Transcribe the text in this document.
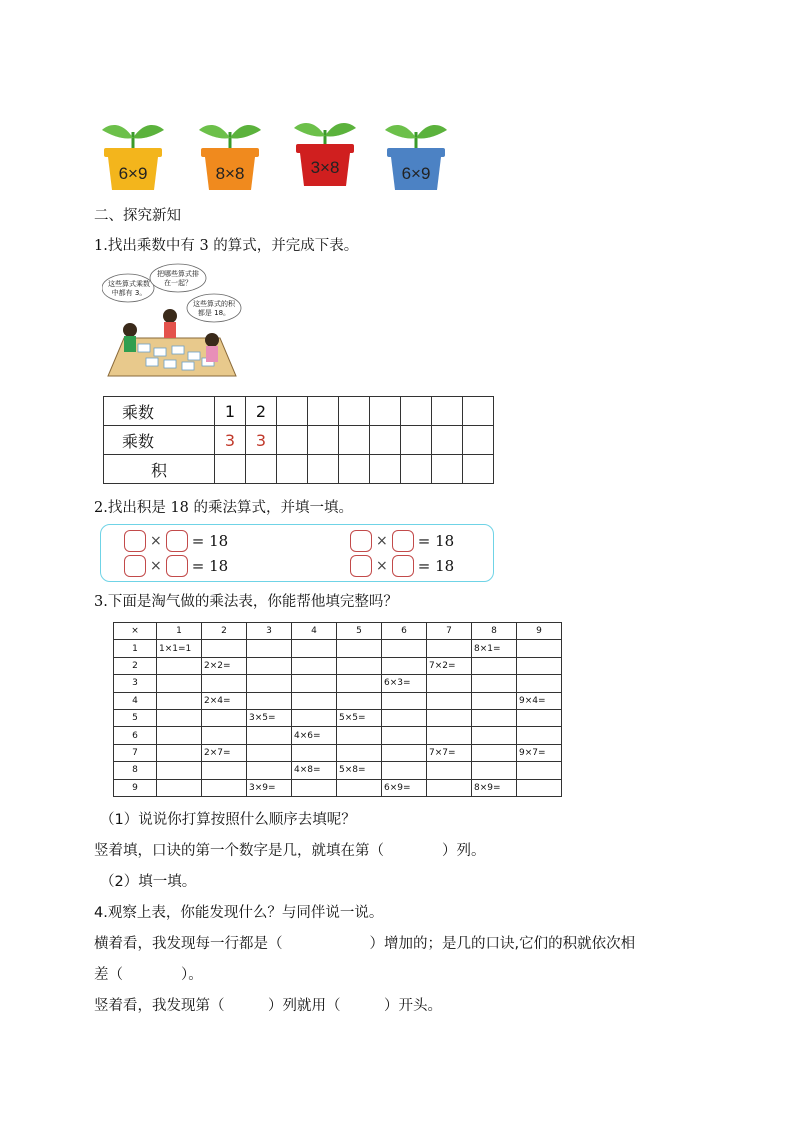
6×9	8×8	3×8	6×9
二、探究新知
1.找出乘数中有 3 的算式，并完成下表。
这些算式乘数中都有 3。
把哪些算式排在一起？
这些算式的积都是 18。
乘数	1	2							
乘数	3	3							
积									
2.找出积是 18 的乘法算式，并填一填。
× = 18
× = 18
× = 18
× = 18
3.下面是淘气做的乘法表，你能帮他填完整吗？
×	1	2	3	4	5	6	7	8	9
1	1×1=1							8×1=	
2		2×2=					7×2=		
3						6×3=			
4		2×4=							9×4=
5			3×5=		5×5=				
6				4×6=					
7		2×7=					7×7=		9×7=
8				4×8=	5×8=				
9			3×9=			6×9=		8×9=	
（1）说说你打算按照什么顺序去填呢？
竖着填，口诀的第一个数字是几，就填在第（　　　　）列。
（2）填一填。
4.观察上表，你能发现什么？与同伴说一说。
横着看，我发现每一行都是（　　　　　　）增加的；是几的口诀,它们的积就依次相
差（　　　　）。
竖着看，我发现第（　　　）列就用（　　　）开头。
